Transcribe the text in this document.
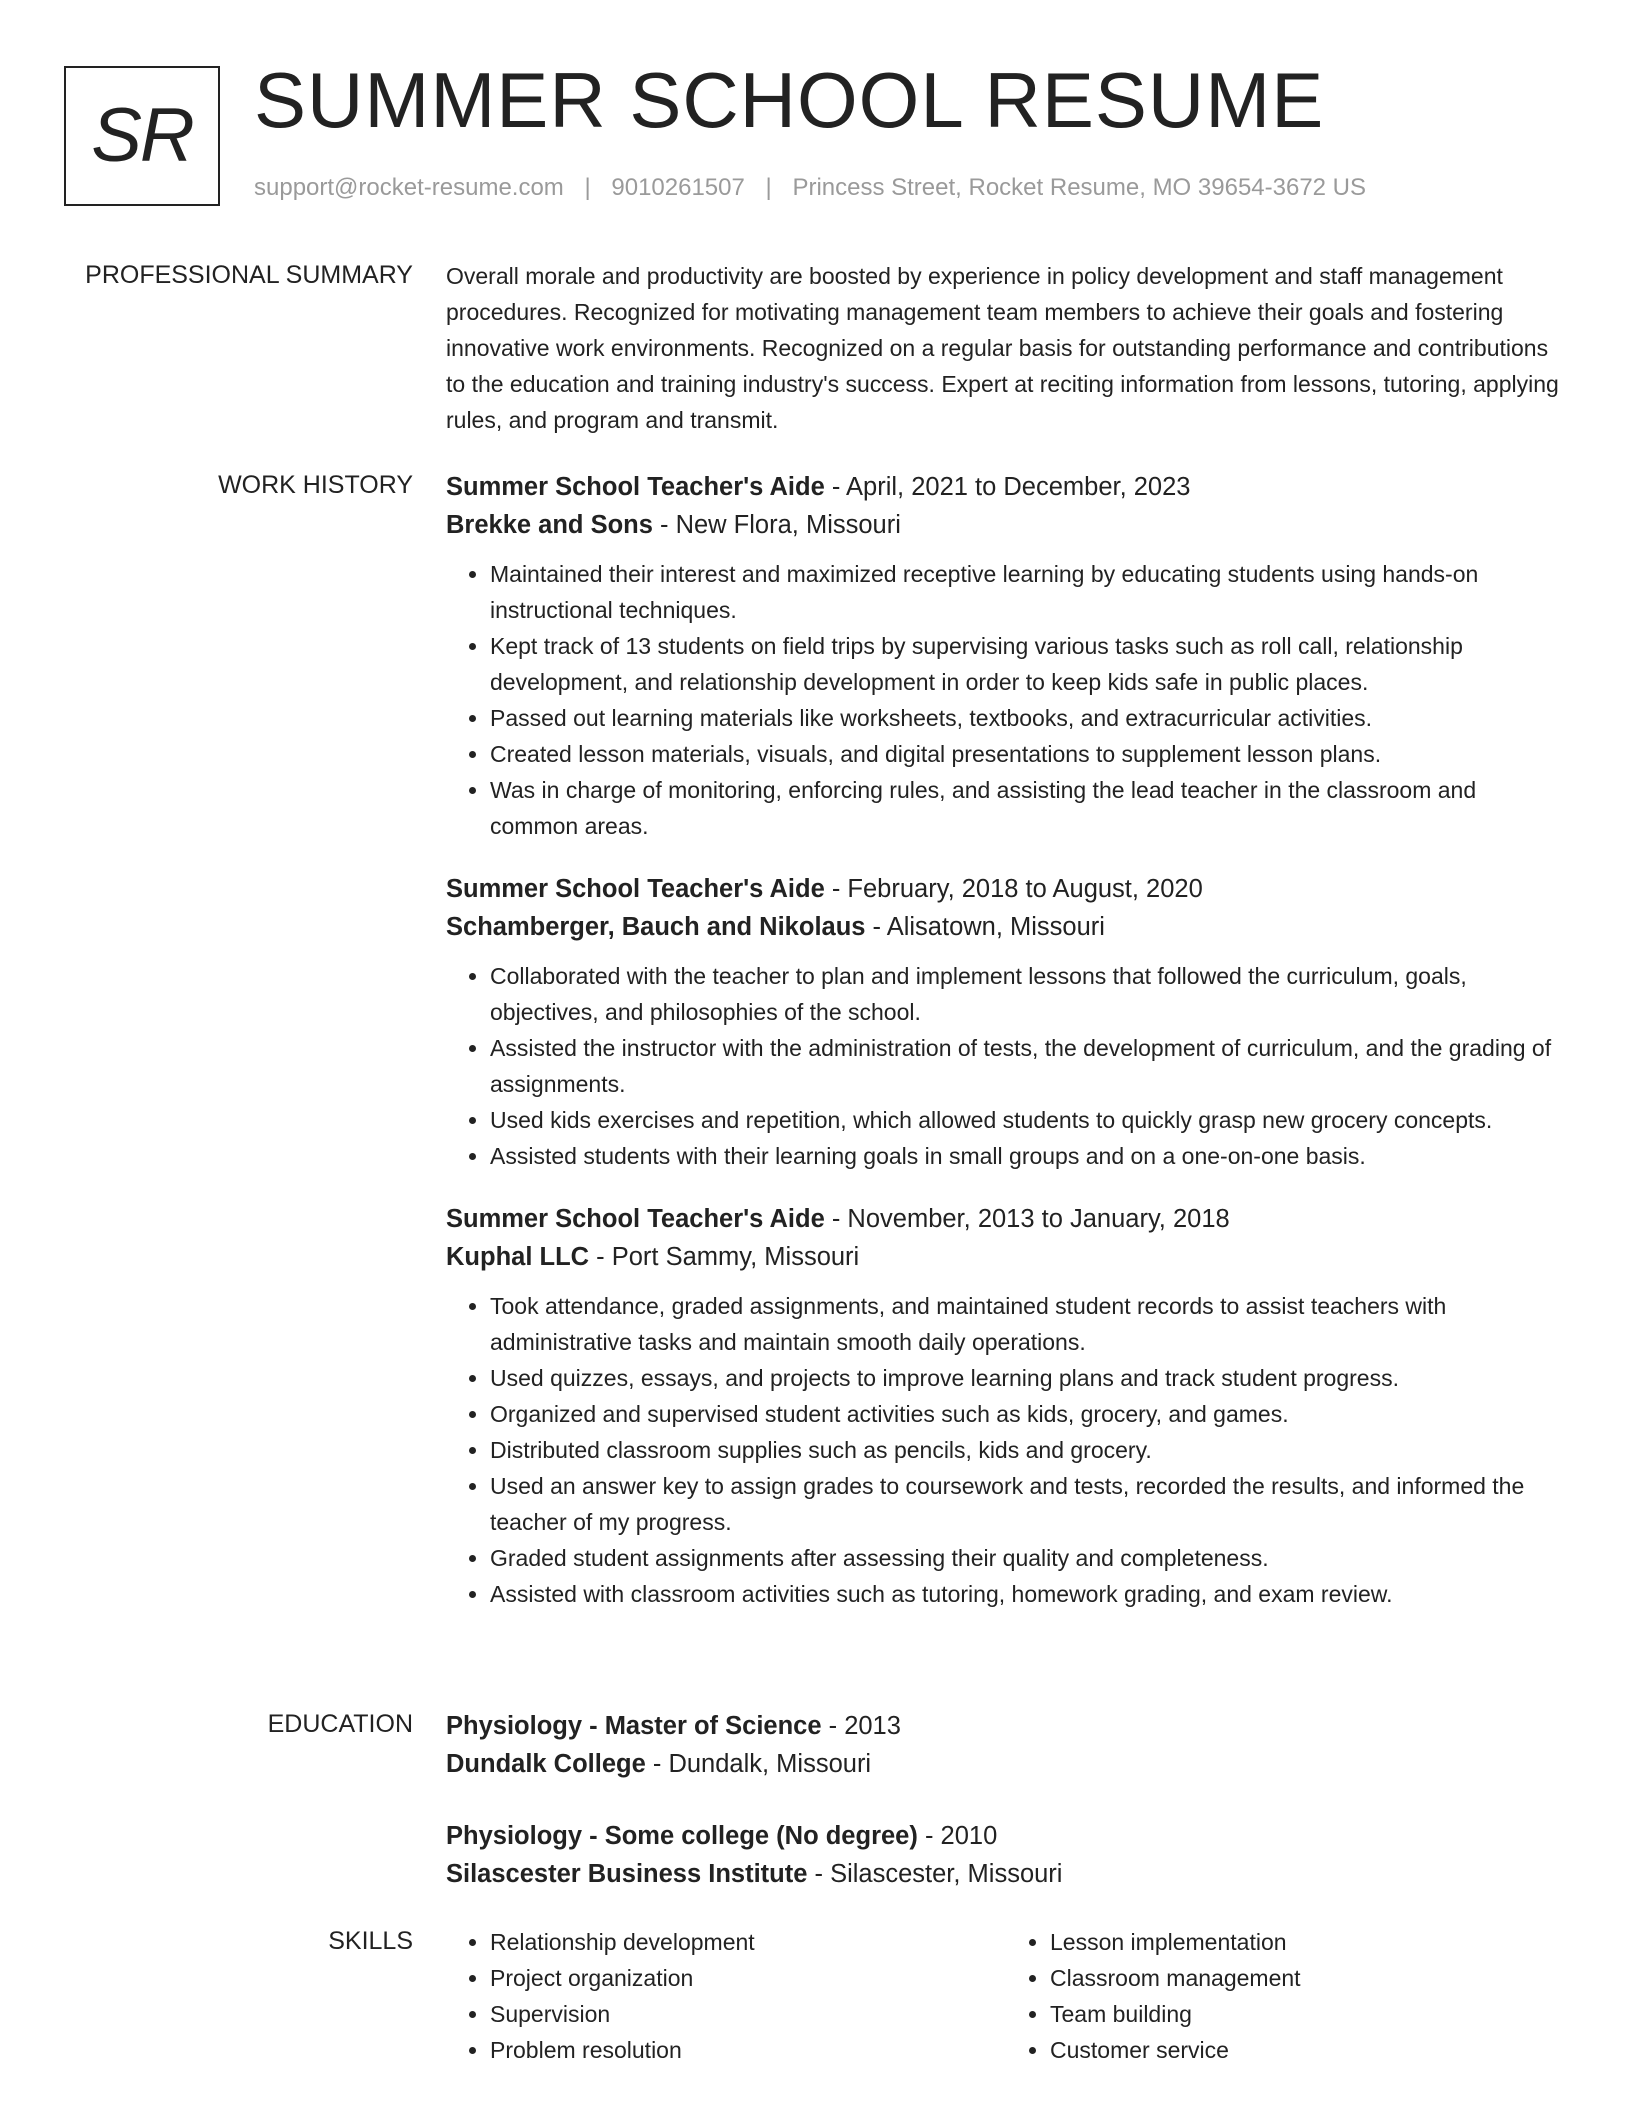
SR SUMMER SCHOOL RESUME
support@rocket-resume.com | 9010261507 | Princess Street, Rocket Resume, MO 39654-3672 US
PROFESSIONAL SUMMARY Overall morale and productivity are boosted by experience in policy development and staff management procedures. Recognized for motivating management team members to achieve their goals and fostering innovative work environments. Recognized on a regular basis for outstanding performance and contributions to the education and training industry's success. Expert at reciting information from lessons, tutoring, applying rules, and program and transmit.

WORK HISTORY Summer School Teacher's Aide - April, 2021 to December, 2023
Brekke and Sons - New Flora, Missouri
• Maintained their interest and maximized receptive learning by educating students using hands-on instructional techniques.
• Kept track of 13 students on field trips by supervising various tasks such as roll call, relationship development, and relationship development in order to keep kids safe in public places.
• Passed out learning materials like worksheets, textbooks, and extracurricular activities.
• Created lesson materials, visuals, and digital presentations to supplement lesson plans.
• Was in charge of monitoring, enforcing rules, and assisting the lead teacher in the classroom and common areas.
Summer School Teacher's Aide - February, 2018 to August, 2020
Schamberger, Bauch and Nikolaus - Alisatown, Missouri
• Collaborated with the teacher to plan and implement lessons that followed the curriculum, goals, objectives, and philosophies of the school.
• Assisted the instructor with the administration of tests, the development of curriculum, and the grading of assignments.
• Used kids exercises and repetition, which allowed students to quickly grasp new grocery concepts.
• Assisted students with their learning goals in small groups and on a one-on-one basis.
Summer School Teacher's Aide - November, 2013 to January, 2018
Kuphal LLC - Port Sammy, Missouri
• Took attendance, graded assignments, and maintained student records to assist teachers with administrative tasks and maintain smooth daily operations.
• Used quizzes, essays, and projects to improve learning plans and track student progress.
• Organized and supervised student activities such as kids, grocery, and games.
• Distributed classroom supplies such as pencils, kids and grocery.
• Used an answer key to assign grades to coursework and tests, recorded the results, and informed the teacher of my progress.
• Graded student assignments after assessing their quality and completeness.
• Assisted with classroom activities such as tutoring, homework grading, and exam review.
EDUCATION Physiology - Master of Science - 2013
Dundalk College - Dundalk, Missouri
Physiology - Some college (No degree) - 2010
Silascester Business Institute - Silascester, Missouri
SKILLS
•	Relationship development
• Project organization
• Supervision
• Problem resolution
• Lesson implementation
• Classroom management
• Team building
• Customer service
